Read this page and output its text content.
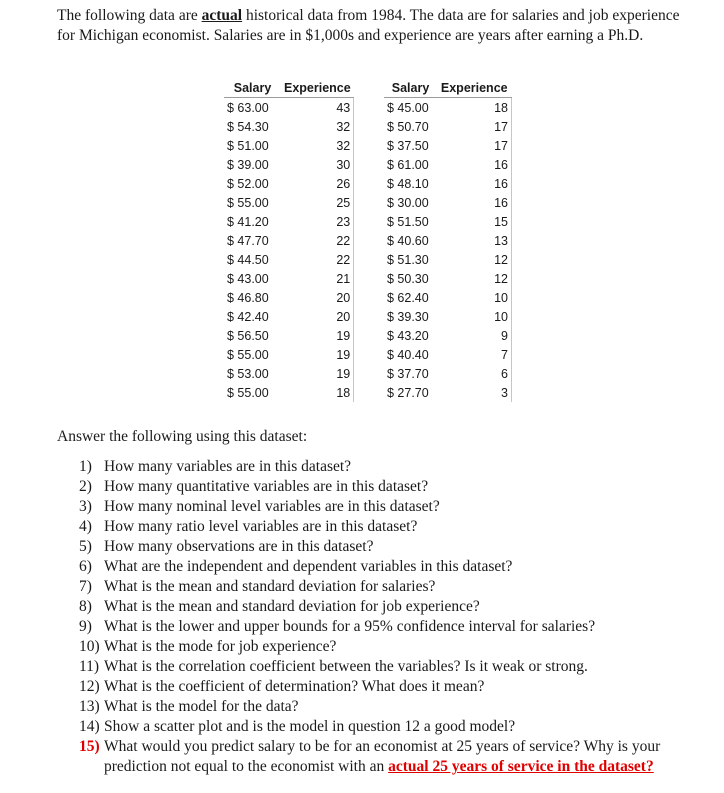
The following data are actual historical data from 1984. The data are for salaries and job experience for Michigan economist. Salaries are in $1,000s and experience are years after earning a Ph.D.

Salary	Experience
$ 63.00	43
$ 54.30	32
$ 51.00	32
$ 39.00	30
$ 52.00	26
$ 55.00	25
$ 41.20	23
$ 47.70	22
$ 44.50	22
$ 43.00	21
$ 46.80	20
$ 42.40	20
$ 56.50	19
$ 55.00	19
$ 53.00	19
$ 55.00	18
Salary	Experience
$ 45.00	18
$ 50.70	17
$ 37.50	17
$ 61.00	16
$ 48.10	16
$ 30.00	16
$ 51.50	15
$ 40.60	13
$ 51.30	12
$ 50.30	12
$ 62.40	10
$ 39.30	10
$ 43.20	9
$ 40.40	7
$ 37.70	6
$ 27.70	3
Answer the following using this dataset:
1) How many variables are in this dataset?
2) How many quantitative variables are in this dataset?
3) How many nominal level variables are in this dataset?
4) How many ratio level variables are in this dataset?
5) How many observations are in this dataset?
6) What are the independent and dependent variables in this dataset?
7) What is the mean and standard deviation for salaries?
8) What is the mean and standard deviation for job experience?
9) What is the lower and upper bounds for a 95% confidence interval for salaries?
10) What is the mode for job experience?
11) What is the correlation coefficient between the variables? Is it weak or strong.
12) What is the coefficient of determination? What does it mean?
13) What is the model for the data?
14) Show a scatter plot and is the model in question 12 a good model?
15) What would you predict salary to be for an economist at 25 years of service? Why is your prediction not equal to the economist with an actual 25 years of service in the dataset?
